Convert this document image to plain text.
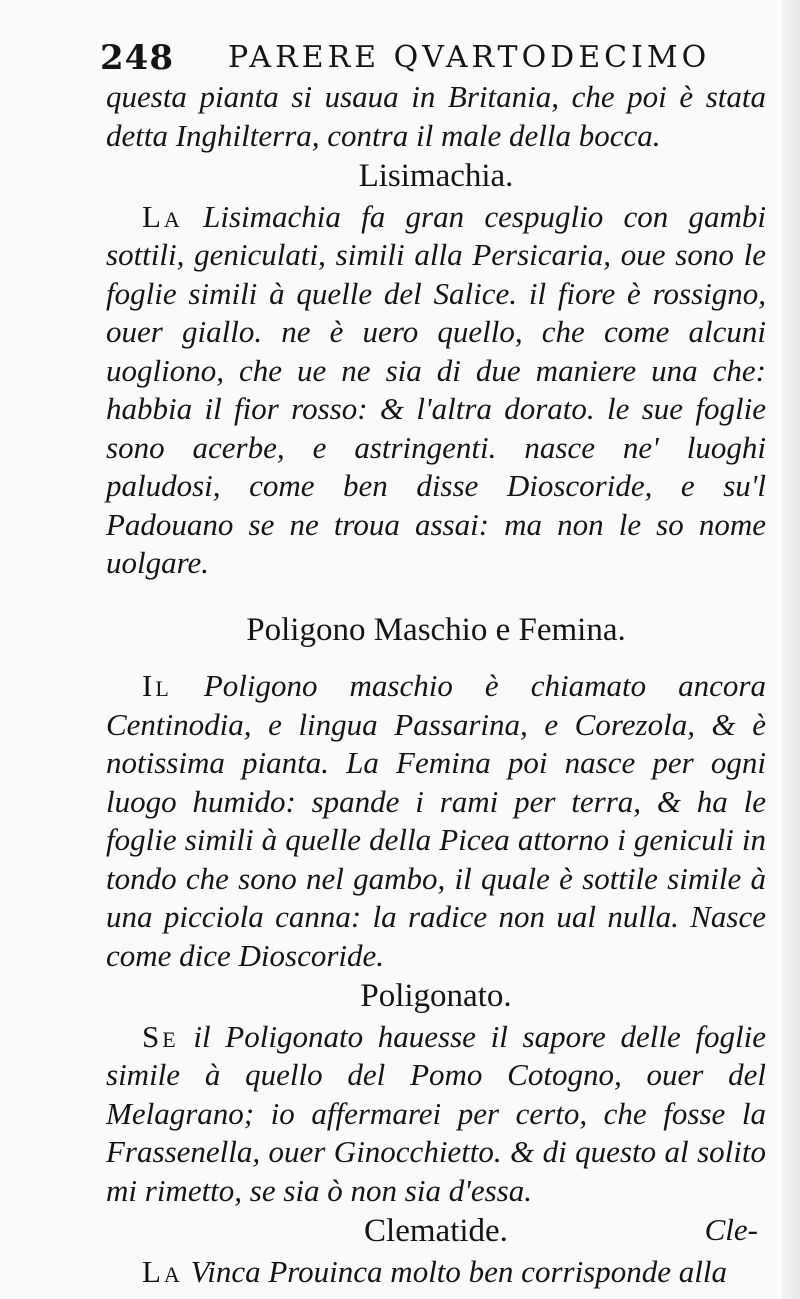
248 PARERE QVARTODECIMO

questa pianta si usaua in Britania, che poi è stata detta Inghilterra, contra il male della bocca.

Lisimachia.

La Lisimachia fa gran cespuglio con gambi sottili, geniculati, simili alla Persicaria, oue sono le foglie simili à quelle del Salice. il fiore è rossigno, ouer giallo. ne è uero quello, che come alcuni uogliono, che ue ne sia di due maniere una che: habbia il fior rosso: & l'altra dorato. le sue foglie sono acerbe, e astringenti. nasce ne' luoghi paludosi, come ben disse Dioscoride, e su'l Padouano se ne troua assai: ma non le so nome uolgare.

Poligono Maschio e Femina.

Il Poligono maschio è chiamato ancora Centinodia, e lingua Passarina, e Corezola, & è notissima pianta. La Femina poi nasce per ogni luogo humido: spande i rami per terra, & ha le foglie simili à quelle della Picea attorno i geniculi in tondo che sono nel gambo, il quale è sottile simile à una picciola canna: la radice non ual nulla. Nasce come dice Dioscoride.

Poligonato.

Se il Poligonato hauesse il sapore delle foglie simile à quello del Pomo Cotogno, ouer del Melagrano; io affermarei per certo, che fosse la Frassenella, ouer Ginocchietto. & di questo al solito mi rimetto, se sia ò non sia d'essa.

Clematide.

La Vinca Prouinca molto ben corrisponde alla

Cle-
